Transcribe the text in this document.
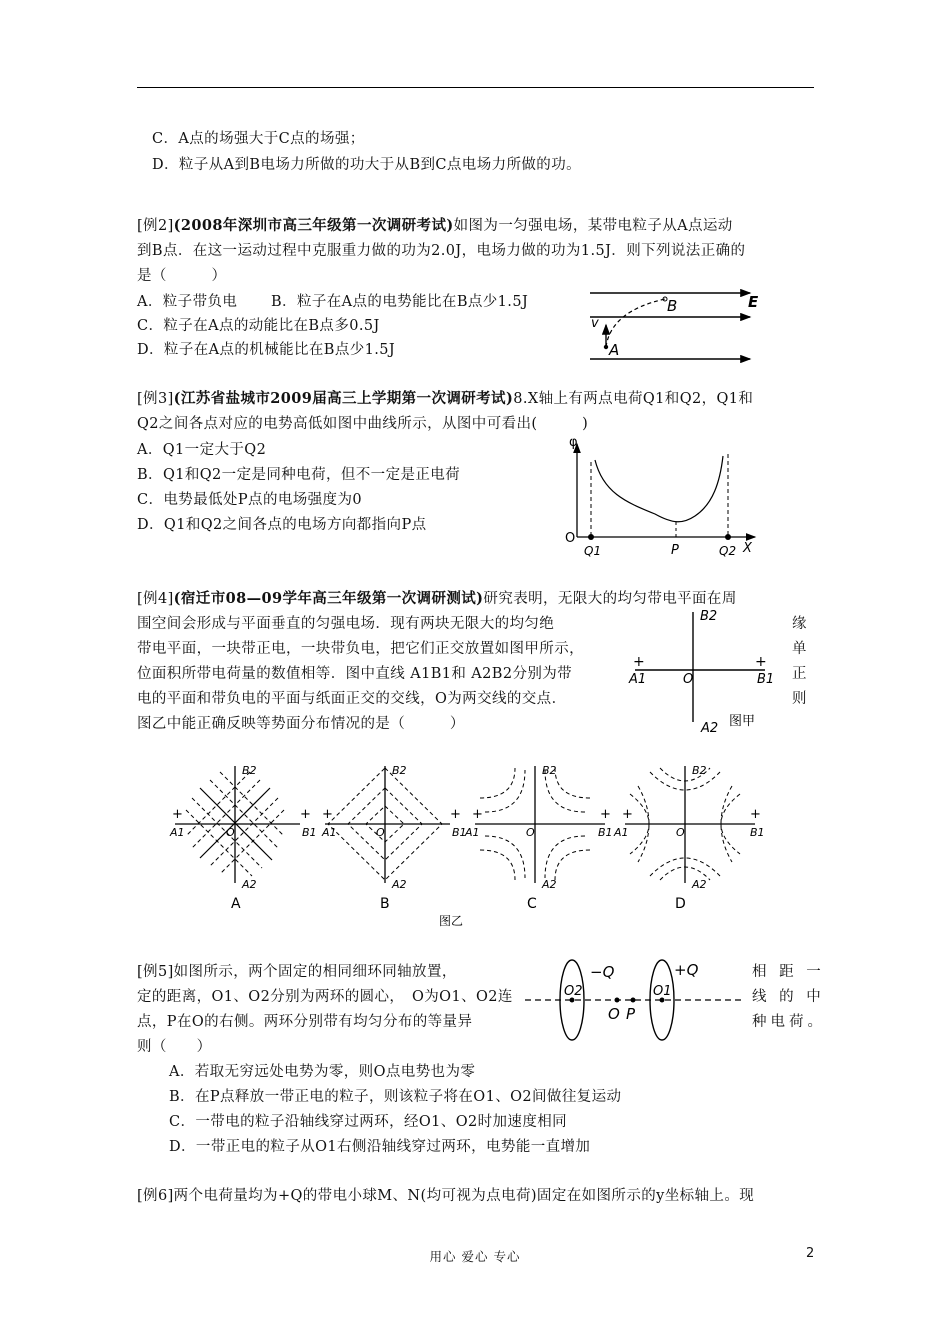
C．A点的场强大于C点的场强；
D．粒子从A到B电场力所做的功大于从B到C点电场力所做的功。
[例2](2008年深圳市高三年级第一次调研考试)如图为一匀强电场，某带电粒子从A点运动
到B点．在这一运动过程中克服重力做的功为2.0J，电场力做的功为1.5J．则下列说法正确的
是（　　　）
A．粒子带负电 B．粒子在A点的电势能比在B点少1.5J
C．粒子在A点的动能比在B点多0.5J
D．粒子在A点的机械能比在B点少1.5J
B	E
v
A
[例3](江苏省盐城市2009届高三上学期第一次调研考试)8.X轴上有两点电荷Q1和Q2，Q1和
Q2之间各点对应的电势高低如图中曲线所示，从图中可看出(　　　)
A．Q1一定大于Q2
B．Q1和Q2一定是同种电荷，但不一定是正电荷
C．电势最低处P点的电场强度为0
D．Q1和Q2之间各点的电场方向都指向P点
φ
O
Q1	P	Q2 X
[例4](宿迁市08—09学年高三年级第一次调研测试)研究表明，无限大的均匀带电平面在周
围空间会形成与平面垂直的匀强电场．现有两块无限大的均匀绝
带电平面，一块带正电，一块带负电，把它们正交放置如图甲所示，
位面积所带电荷量的数值相等．图中直线 A1B1和 A2B2分别为带
电的平面和带负电的平面与纸面正交的交线，O为两交线的交点．
图乙中能正确反映等势面分布情况的是（　　　）
缘
单
正
则
B2
A1	O	B1
A2
+	+
图甲
B2
A1	O	B1
A2
B2
A1	O	B1
A2
B2
A1	O	B1
A2
B2
A1	O	B1
A2
+	+ +	+ +	+ +	+
A	B	C	D
图乙
[例5]如图所示，两个固定的相同细环同轴放置，
定的距离，O1、O2分别为两环的圆心，　O为O1、O2连
点，P在O的右侧。两环分别带有均匀分布的等量异
则（　　）
相 距 一
线 的 中
种电荷。
A．若取无穷远处电势为零，则O点电势也为零
B．在P点释放一带正电的粒子，则该粒子将在O1、O2间做往复运动
C．一带电的粒子沿轴线穿过两环，经O1、O2时加速度相同
D．一带正电的粒子从O1右侧沿轴线穿过两环，电势能一直增加
−Q	+Q
O2	O1
O P
[例6]两个电荷量均为+Q的带电小球M、N(均可视为点电荷)固定在如图所示的y坐标轴上。现
用心 爱心 专心	2
